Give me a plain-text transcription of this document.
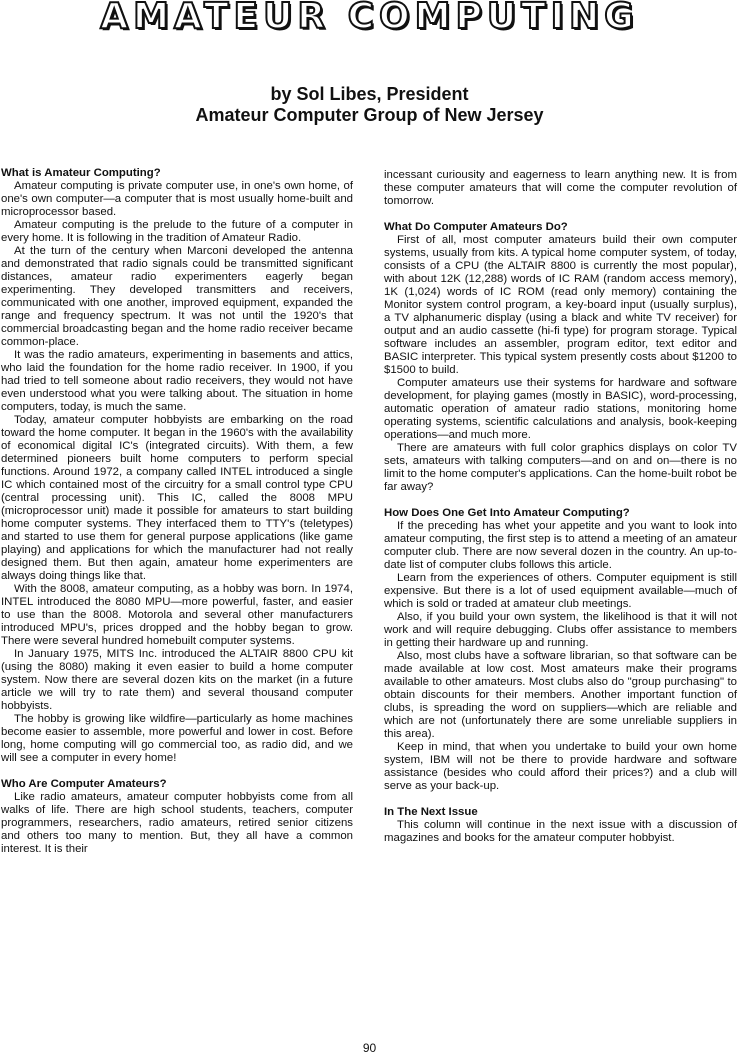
AMATEUR COMPUTING
by Sol Libes, President
Amateur Computer Group of New Jersey
What is Amateur Computing?

Amateur computing is private computer use, in one's own home, of one's own computer—a computer that is most usually home-built and microprocessor based.

Amateur computing is the prelude to the future of a computer in every home. It is following in the tradition of Amateur Radio.

At the turn of the century when Marconi developed the antenna and demonstrated that radio signals could be transmitted significant distances, amateur radio experimenters eagerly began experimenting. They developed transmitters and receivers, communicated with one another, improved equipment, expanded the range and frequency spectrum. It was not until the 1920's that commercial broadcasting began and the home radio receiver became common-place.

It was the radio amateurs, experimenting in basements and attics, who laid the foundation for the home radio receiver. In 1900, if you had tried to tell someone about radio receivers, they would not have even understood what you were talking about. The situation in home computers, today, is much the same.

Today, amateur computer hobbyists are embarking on the road toward the home computer. It began in the 1960's with the availability of economical digital IC's (integrated circuits). With them, a few determined pioneers built home computers to perform special functions. Around 1972, a company called INTEL introduced a single IC which contained most of the circuitry for a small control type CPU (central processing unit). This IC, called the 8008 MPU (microprocessor unit) made it possible for amateurs to start building home computer systems. They interfaced them to TTY's (teletypes) and started to use them for general purpose applications (like game playing) and applications for which the manufacturer had not really designed them. But then again, amateur home experimenters are always doing things like that.

With the 8008, amateur computing, as a hobby was born. In 1974, INTEL introduced the 8080 MPU—more powerful, faster, and easier to use than the 8008. Motorola and several other manufacturers introduced MPU's, prices dropped and the hobby began to grow. There were several hundred homebuilt computer systems.

In January 1975, MITS Inc. introduced the ALTAIR 8800 CPU kit (using the 8080) making it even easier to build a home computer system. Now there are several dozen kits on the market (in a future article we will try to rate them) and several thousand computer hobbyists.

The hobby is growing like wildfire—particularly as home machines become easier to assemble, more powerful and lower in cost. Before long, home computing will go commercial too, as radio did, and we will see a computer in every home!

Who Are Computer Amateurs?

Like radio amateurs, amateur computer hobbyists come from all walks of life. There are high school students, teachers, computer programmers, researchers, radio amateurs, retired senior citizens and others too many to mention. But, they all have a common interest. It is their

incessant curiousity and eagerness to learn anything new. It is from these computer amateurs that will come the computer revolution of tomorrow.

What Do Computer Amateurs Do?

First of all, most computer amateurs build their own computer systems, usually from kits. A typical home computer system, of today, consists of a CPU (the ALTAIR 8800 is currently the most popular), with about 12K (12,288) words of IC RAM (random access memory), 1K (1,024) words of IC ROM (read only memory) containing the Monitor system control program, a key-board input (usually surplus), a TV alphanumeric display (using a black and white TV receiver) for output and an audio cassette (hi-fi type) for program storage. Typical software includes an assembler, program editor, text editor and BASIC interpreter. This typical system presently costs about $1200 to $1500 to build.

Computer amateurs use their systems for hardware and software development, for playing games (mostly in BASIC), word-processing, automatic operation of amateur radio stations, monitoring home operating systems, scientific calculations and analysis, book-keeping operations—and much more.

There are amateurs with full color graphics displays on color TV sets, amateurs with talking computers—and on and on—there is no limit to the home computer's applications. Can the home-built robot be far away?

How Does One Get Into Amateur Computing?

If the preceding has whet your appetite and you want to look into amateur computing, the first step is to attend a meeting of an amateur computer club. There are now several dozen in the country. An up-to-date list of computer clubs follows this article.

Learn from the experiences of others. Computer equipment is still expensive. But there is a lot of used equipment available—much of which is sold or traded at amateur club meetings.

Also, if you build your own system, the likelihood is that it will not work and will require debugging. Clubs offer assistance to members in getting their hardware up and running.

Also, most clubs have a software librarian, so that software can be made available at low cost. Most amateurs make their programs available to other amateurs. Most clubs also do "group purchasing" to obtain discounts for their members. Another important function of clubs, is spreading the word on suppliers—which are reliable and which are not (unfortunately there are some unreliable suppliers in this area).

Keep in mind, that when you undertake to build your own home system, IBM will not be there to provide hardware and software assistance (besides who could afford their prices?) and a club will serve as your back-up.

In The Next Issue

This column will continue in the next issue with a discussion of magazines and books for the amateur computer hobbyist.

90
